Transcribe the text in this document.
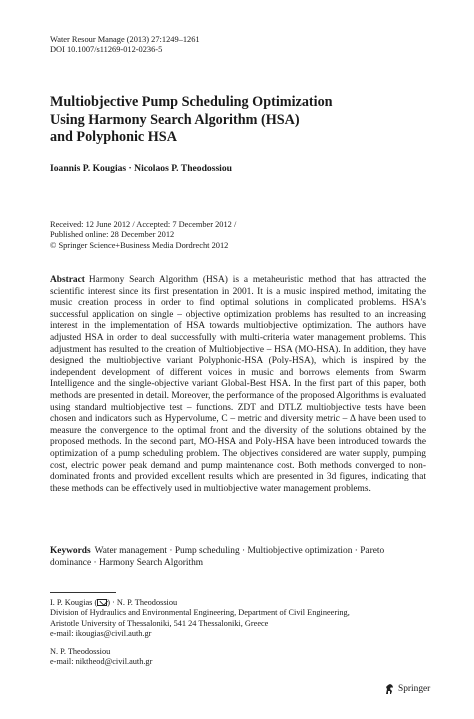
Water Resour Manage (2013) 27:1249–1261
DOI 10.1007/s11269-012-0236-5
Multiobjective Pump Scheduling Optimization
Using Harmony Search Algorithm (HSA)
and Polyphonic HSA
Ioannis P. Kougias · Nicolaos P. Theodossiou
Received: 12 June 2012 / Accepted: 7 December 2012 /
Published online: 28 December 2012
© Springer Science+Business Media Dordrecht 2012
Abstract Harmony Search Algorithm (HSA) is a metaheuristic method that has attracted the scientific interest since its first presentation in 2001. It is a music inspired method, imitating the music creation process in order to find optimal solutions in complicated problems. HSA's successful application on single – objective optimization problems has resulted to an increasing interest in the implementation of HSA towards multiobjective optimization. The authors have adjusted HSA in order to deal successfully with multi-criteria water management problems. This adjustment has resulted to the creation of Multiobjective – HSA (MO-HSA). In addition, they have designed the multiobjective variant Polyphonic-HSA (Poly-HSA), which is inspired by the independent development of different voices in music and borrows elements from Swarm Intelligence and the single-objective variant Global-Best HSA. In the first part of this paper, both methods are presented in detail. Moreover, the performance of the proposed Algorithms is evaluated using standard multiobjective test – functions. ZDT and DTLZ multiobjective tests have been chosen and indicators such as Hypervolume, C – metric and diversity metric – Δ have been used to measure the convergence to the optimal front and the diversity of the solutions obtained by the proposed methods. In the second part, MO-HSA and Poly-HSA have been introduced towards the optimization of a pump scheduling problem. The objectives considered are water supply, pumping cost, electric power peak demand and pump maintenance cost. Both methods converged to non-dominated fronts and provided excellent results which are presented in 3d figures, indicating that these methods can be effectively used in multiobjective water management problems.
Keywords Water management · Pump scheduling · Multiobjective optimization · Pareto dominance · Harmony Search Algorithm
I. P. Kougias ( ) · N. P. Theodossiou
Division of Hydraulics and Environmental Engineering, Department of Civil Engineering,
Aristotle University of Thessaloniki, 541 24 Thessaloniki, Greece
e-mail: ikougias@civil.auth.gr
N. P. Theodossiou
e-mail: niktheod@civil.auth.gr
Springer
